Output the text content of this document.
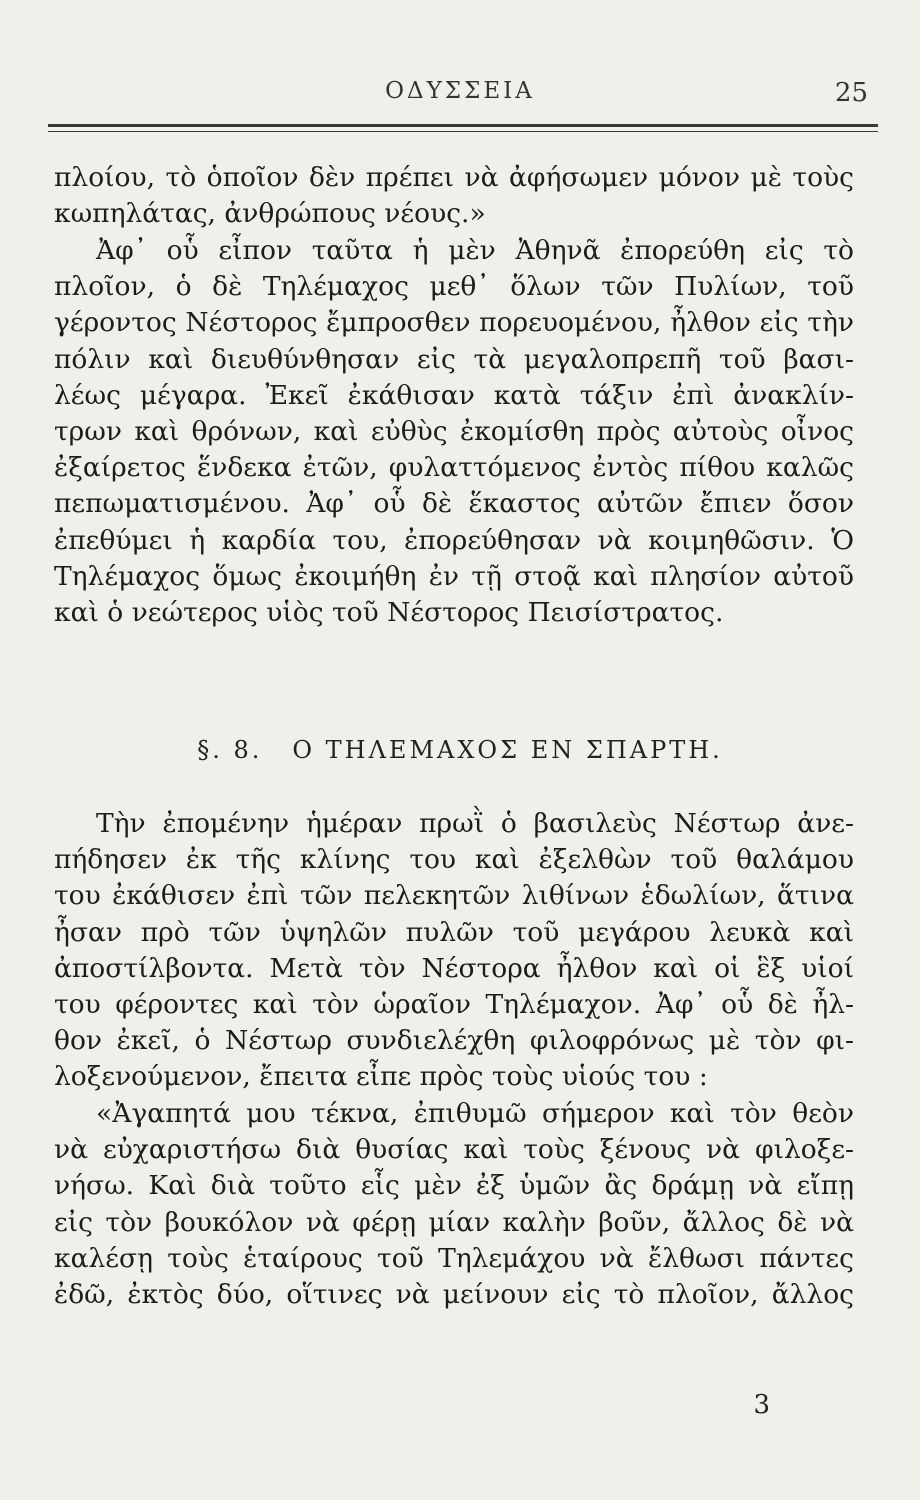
ΟΔΥΣΣΕΙΑ	25
πλοίου, τὸ ὁποῖον δὲν πρέπει νὰ ἀφήσωμεν μόνον μὲ τοὺς
κωπηλάτας, ἀνθρώπους νέους.»
Ἀφ᾽ οὗ εἶπον ταῦτα ἡ μὲν Ἀθηνᾶ ἐπορεύθη εἰς τὸ
πλοῖον, ὁ δὲ Τηλέμαχος μεθ᾽ ὅλων τῶν Πυλίων, τοῦ
γέροντος Νέστορος ἔμπροσθεν πορευομένου, ἦλθον εἰς τὴν
πόλιν καὶ διευθύνθησαν εἰς τὰ μεγαλοπρεπῆ τοῦ βασι-
λέως μέγαρα. Ἐκεῖ ἐκάθισαν κατὰ τάξιν ἐπὶ ἀνακλίν-
τρων καὶ θρόνων, καὶ εὐθὺς ἐκομίσθη πρὸς αὐτοὺς οἶνος
ἐξαίρετος ἕνδεκα ἐτῶν, φυλαττόμενος ἐντὸς πίθου καλῶς
πεπωματισμένου. Ἀφ᾽ οὗ δὲ ἕκαστος αὐτῶν ἔπιεν ὅσον
ἐπεθύμει ἡ καρδία του, ἐπορεύθησαν νὰ κοιμηθῶσιν. Ὁ
Τηλέμαχος ὅμως ἐκοιμήθη ἐν τῇ στοᾷ καὶ πλησίον αὐτοῦ
καὶ ὁ νεώτερος υἱὸς τοῦ Νέστορος Πεισίστρατος.
§. 8. Ο ΤΗΛΕΜΑΧΟΣ ΕΝ ΣΠΑΡΤΗ.
Τὴν ἐπομένην ἡμέραν πρωῒ ὁ βασιλεὺς Νέστωρ ἀνε-
πήδησεν ἐκ τῆς κλίνης του καὶ ἐξελθὼν τοῦ θαλάμου
του ἐκάθισεν ἐπὶ τῶν πελεκητῶν λιθίνων ἑδωλίων, ἅτινα
ἦσαν πρὸ τῶν ὑψηλῶν πυλῶν τοῦ μεγάρου λευκὰ καὶ
ἀποστίλβοντα. Μετὰ τὸν Νέστορα ἦλθον καὶ οἱ ἓξ υἱοί
του φέροντες καὶ τὸν ὡραῖον Τηλέμαχον. Ἀφ᾽ οὗ δὲ ἦλ-
θον ἐκεῖ, ὁ Νέστωρ συνδιελέχθη φιλοφρόνως μὲ τὸν φι-
λοξενούμενον, ἔπειτα εἶπε πρὸς τοὺς υἱούς του :
«Ἀγαπητά μου τέκνα, ἐπιθυμῶ σήμερον καὶ τὸν θεὸν
νὰ εὐχαριστήσω διὰ θυσίας καὶ τοὺς ξένους νὰ φιλοξε-
νήσω. Καὶ διὰ τοῦτο εἷς μὲν ἐξ ὑμῶν ἂς δράμῃ νὰ εἴπῃ
εἰς τὸν βουκόλον νὰ φέρῃ μίαν καλὴν βοῦν, ἄλλος δὲ νὰ
καλέσῃ τοὺς ἑταίρους τοῦ Τηλεμάχου νὰ ἔλθωσι πάντες
ἐδῶ, ἐκτὸς δύο, οἵτινες νὰ μείνουν εἰς τὸ πλοῖον, ἄλλος
3
